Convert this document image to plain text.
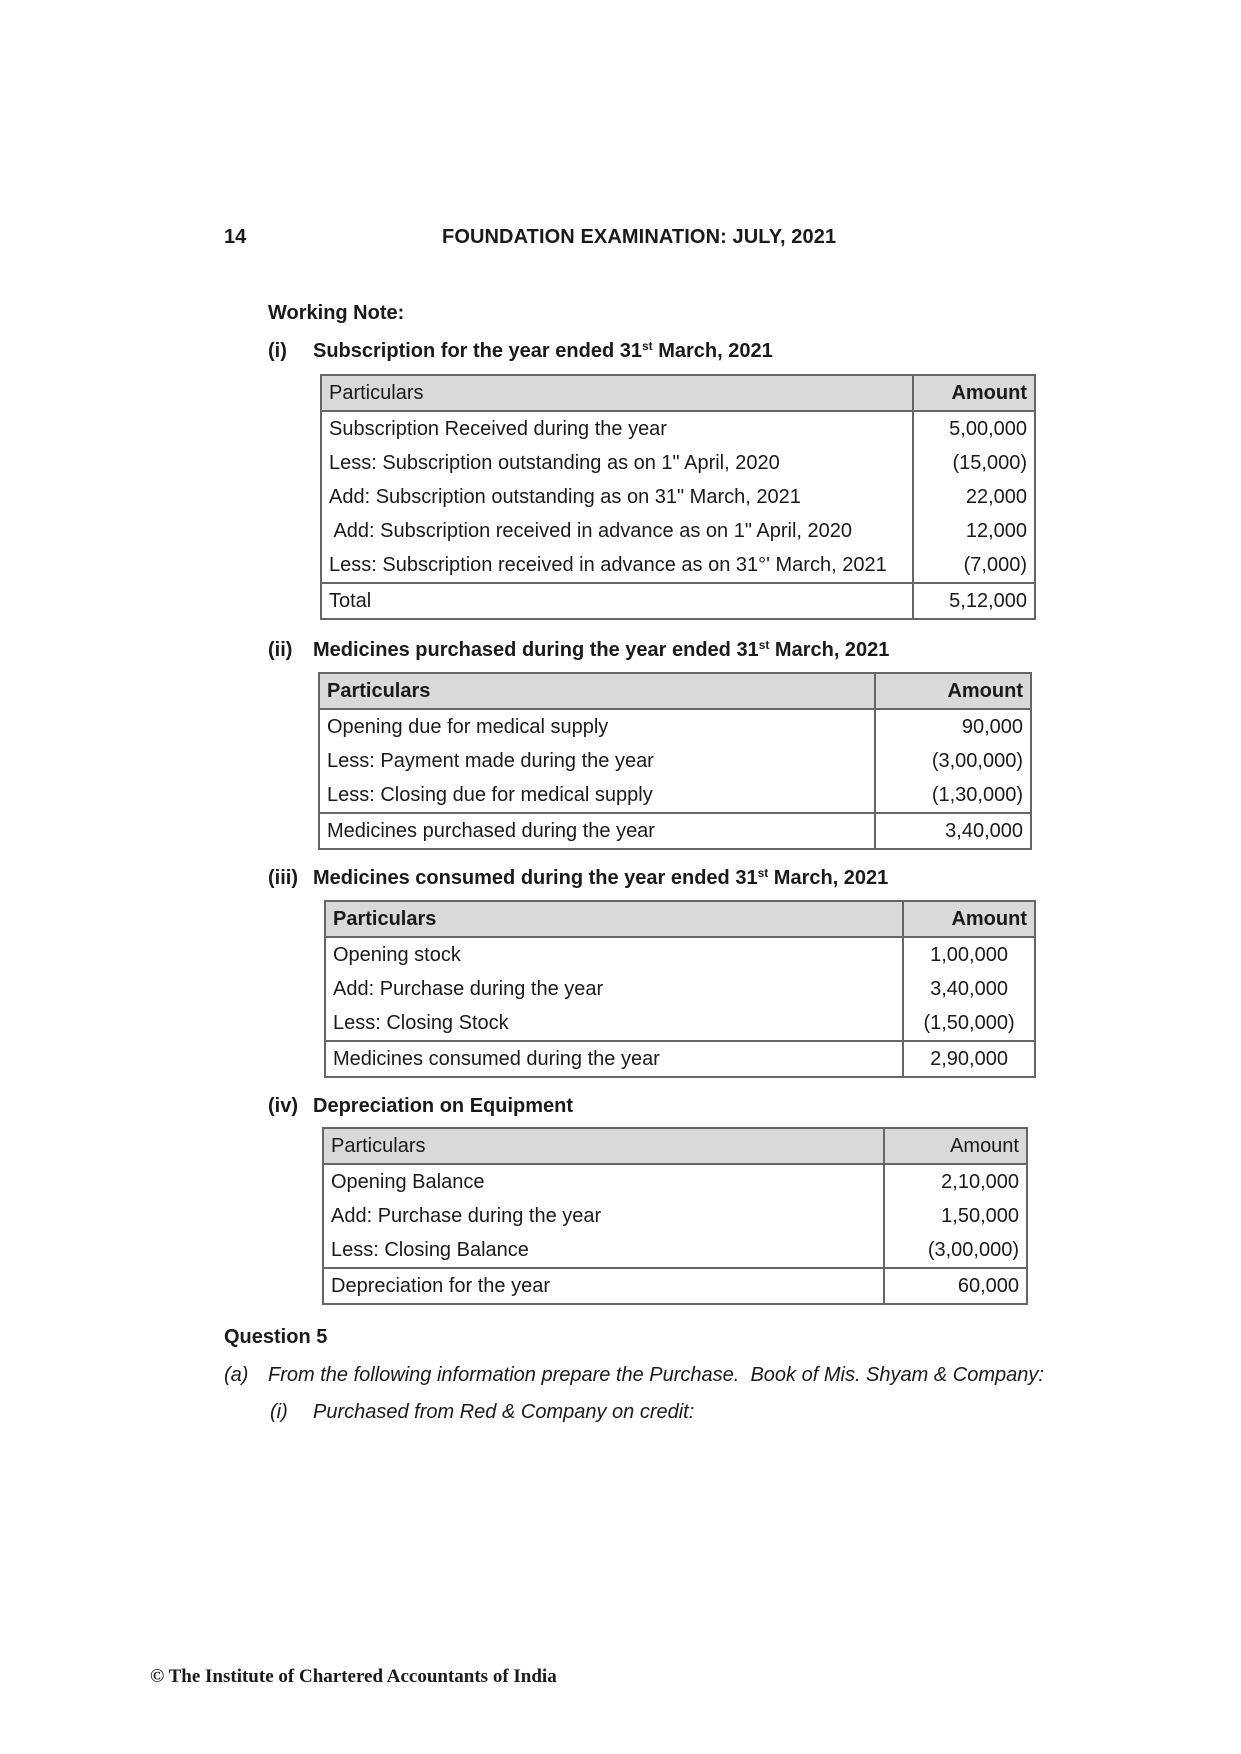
14	FOUNDATION EXAMINATION: JULY, 2021
Working Note:
(i) Subscription for the year ended 31st March, 2021
Particulars	Amount
Subscription Received during the year	5,00,000
Less: Subscription outstanding as on 1" April, 2020	(15,000)
Add: Subscription outstanding as on 31" March, 2021	22,000
Add: Subscription received in advance as on 1" April, 2020	12,000
Less: Subscription received in advance as on 31°' March, 2021	(7,000)
Total	5,12,000
(ii) Medicines purchased during the year ended 31st March, 2021
Particulars	Amount
Opening due for medical supply	90,000
Less: Payment made during the year	(3,00,000)
Less: Closing due for medical supply	(1,30,000)
Medicines purchased during the year	3,40,000
(iii) Medicines consumed during the year ended 31st March, 2021
Particulars	Amount
Opening stock	1,00,000
Add: Purchase during the year	3,40,000
Less: Closing Stock	(1,50,000)
Medicines consumed during the year	2,90,000
(iv) Depreciation on Equipment
Particulars	Amount
Opening Balance	2,10,000
Add: Purchase during the year	1,50,000
Less: Closing Balance	(3,00,000)
Depreciation for the year	60,000
Question 5
(a) From the following information prepare the Purchase.  Book of Mis. Shyam & Company:
(i) Purchased from Red & Company on credit:
© The Institute of Chartered Accountants of India
